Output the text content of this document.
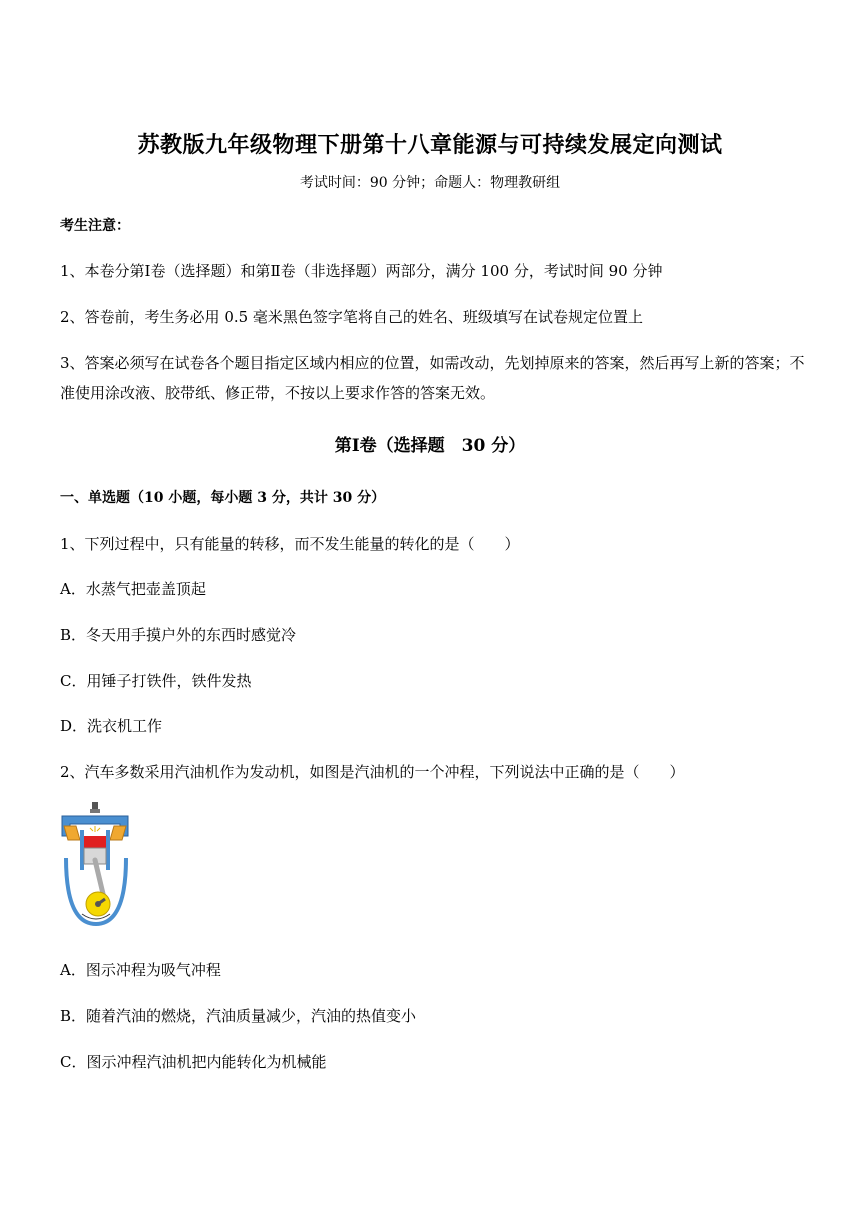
苏教版九年级物理下册第十八章能源与可持续发展定向测试
考试时间：90 分钟；命题人：物理教研组
考生注意：
1、本卷分第Ⅰ卷（选择题）和第Ⅱ卷（非选择题）两部分，满分 100 分，考试时间 90 分钟
2、答卷前，考生务必用 0.5 毫米黑色签字笔将自己的姓名、班级填写在试卷规定位置上
3、答案必须写在试卷各个题目指定区域内相应的位置，如需改动，先划掉原来的答案，然后再写上新的答案；不准使用涂改液、胶带纸、修正带，不按以上要求作答的答案无效。
第Ⅰ卷（选择题　30 分）
一、单选题（10 小题，每小题 3 分，共计 30 分）
1、下列过程中，只有能量的转移，而不发生能量的转化的是（　　）
A．水蒸气把壶盖顶起
B．冬天用手摸户外的东西时感觉冷
C．用锤子打铁件，铁件发热
D．洗衣机工作
2、汽车多数采用汽油机作为发动机，如图是汽油机的一个冲程，下列说法中正确的是（　　）
A．图示冲程为吸气冲程
B．随着汽油的燃烧，汽油质量减少，汽油的热值变小
C．图示冲程汽油机把内能转化为机械能
